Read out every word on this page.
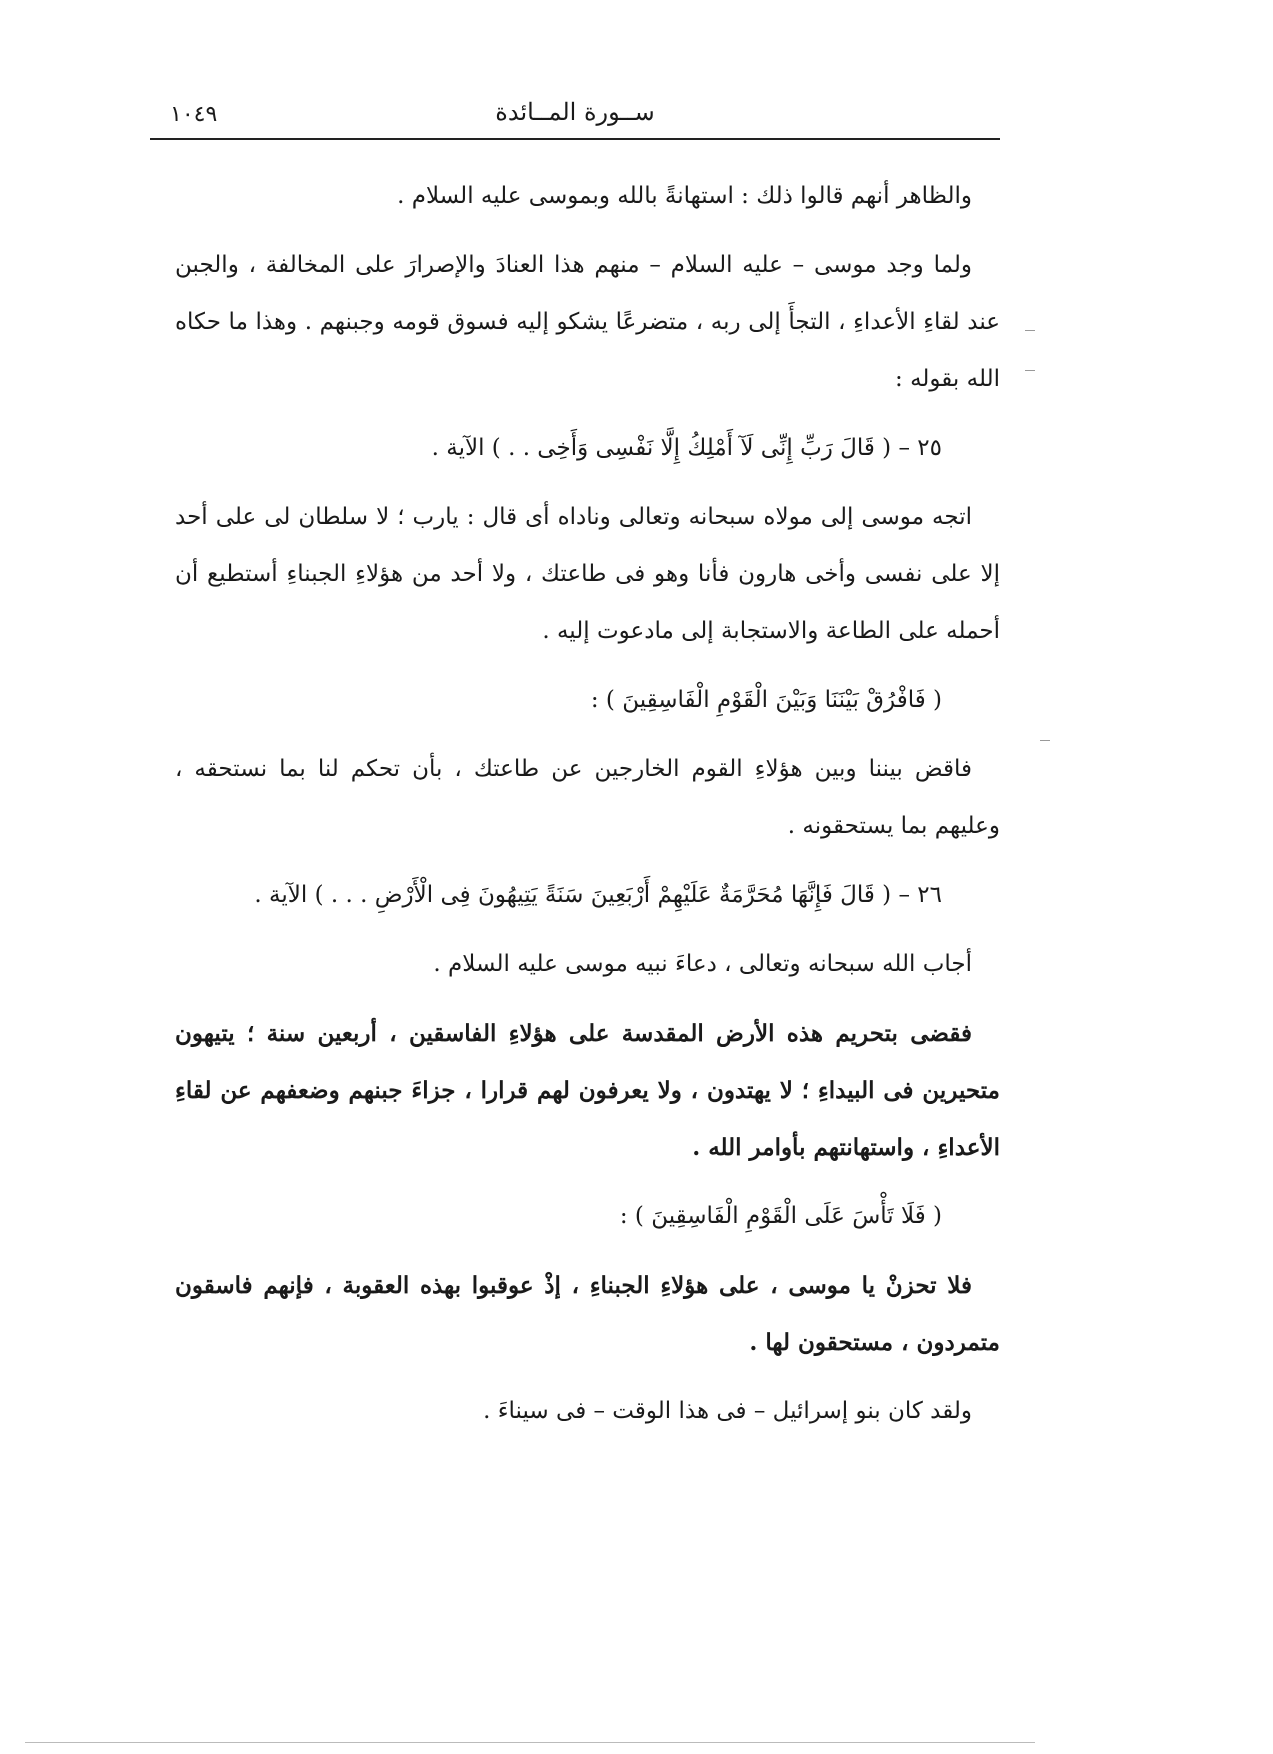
١٠٤٩	ســورة المــائدة

والظاهر أنهم قالوا ذلك : استهانةً بالله وبموسى عليه السلام .

ولما وجد موسى – عليه السلام – منهم هذا العنادَ والإصرارَ على المخالفة ، والجبن عند لقاءِ الأعداءِ ، التجأَ إلى ربه ، متضرعًا يشكو إليه فسوق قومه وجبنهم . وهذا ما حكاه الله بقوله :

٢٥ – ( قَالَ رَبِّ إِنِّى لَآ أَمْلِكُ إِلَّا نَفْسِى وَأَخِى . . ) الآية .

اتجه موسى إلى مولاه سبحانه وتعالى وناداه أى قال : يارب ؛ لا سلطان لى على أحد إلا على نفسى وأخى هارون فأنا وهو فى طاعتك ، ولا أحد من هؤلاءِ الجبناءِ أستطيع أن أحمله على الطاعة والاستجابة إلى مادعوت إليه .

( فَافْرُقْ بَيْنَنَا وَبَيْنَ الْقَوْمِ الْفَاسِقِينَ ) :

فاقض بيننا وبين هؤلاءِ القوم الخارجين عن طاعتك ، بأن تحكم لنا بما نستحقه ، وعليهم بما يستحقونه .

٢٦ – ( قَالَ فَإِنَّهَا مُحَرَّمَةٌ عَلَيْهِمْ أَرْبَعِينَ سَنَةً يَتِيهُونَ فِى الْأَرْضِ . . . ) الآية .

أجاب الله سبحانه وتعالى ، دعاءَ نبيه موسى عليه السلام .

فقضى بتحريم هذه الأرض المقدسة على هؤلاءِ الفاسقين ، أربعين سنة ؛ يتيهون متحيرين فى البيداءِ ؛ لا يهتدون ، ولا يعرفون لهم قرارا ، جزاءَ جبنهم وضعفهم عن لقاءِ الأعداءِ ، واستهانتهم بأوامر الله .

( فَلَا تَأْسَ عَلَى الْقَوْمِ الْفَاسِقِينَ ) :

فلا تحزنْ يا موسى ، على هؤلاءِ الجبناءِ ، إذْ عوقبوا بهذه العقوبة ، فإنهم فاسقون متمردون ، مستحقون لها .

ولقد كان بنو إسرائيل – فى هذا الوقت – فى سيناءَ .
